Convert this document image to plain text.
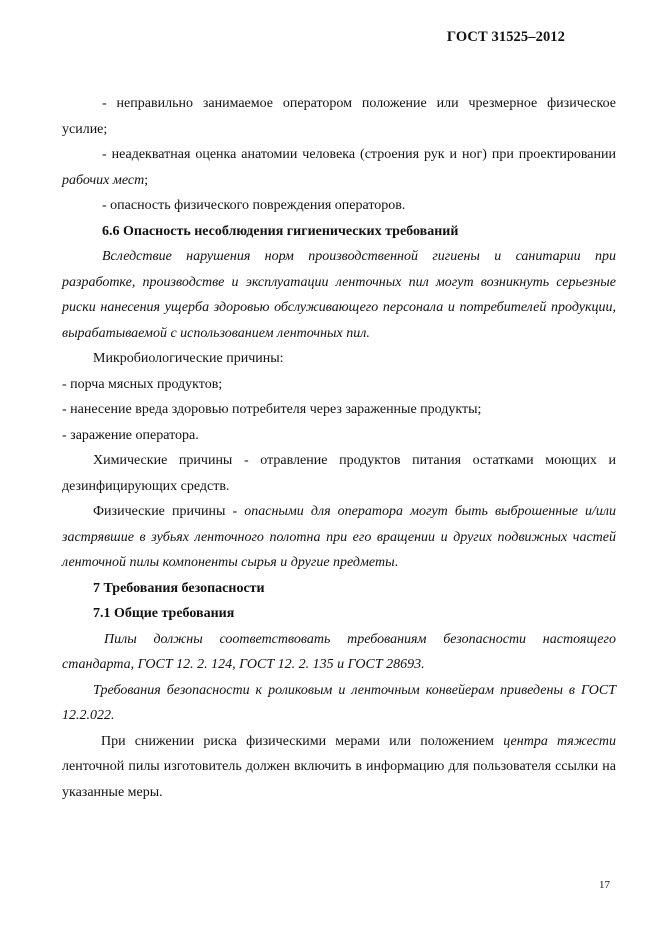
ГОСТ 31525–2012

- неправильно занимаемое оператором положение или чрезмерное физическое усилие;

- неадекватная оценка анатомии человека (строения рук и ног) при проектировании рабочих мест;

- опасность физического повреждения операторов.

6.6 Опасность несоблюдения гигиенических требований

Вследствие нарушения норм производственной гигиены и санитарии при разработке, производстве и эксплуатации ленточных пил могут возникнуть серьезные риски нанесения ущерба здоровью обслуживающего персонала и потребителей продукции, вырабатываемой с использованием ленточных пил.

Микробиологические причины:

- порча мясных продуктов;

- нанесение вреда здоровью потребителя через зараженные продукты;

- заражение оператора.

Химические причины - отравление продуктов питания остатками моющих и дезинфицирующих средств.

Физические причины - опасными для оператора могут быть выброшенные и/или застрявшие в зубьях ленточного полотна при его вращении и других подвижных частей ленточной пилы компоненты сырья и другие предметы.

7 Требования безопасности

7.1 Общие требования

Пилы должны соответствовать требованиям безопасности настоящего стандарта, ГОСТ 12. 2. 124, ГОСТ 12. 2. 135 и ГОСТ 28693.

Требования безопасности к роликовым и ленточным конвейерам приведены в ГОСТ 12.2.022.

При снижении риска физическими мерами или положением центра тяжести ленточной пилы изготовитель должен включить в информацию для пользователя ссылки на указанные меры.

17
